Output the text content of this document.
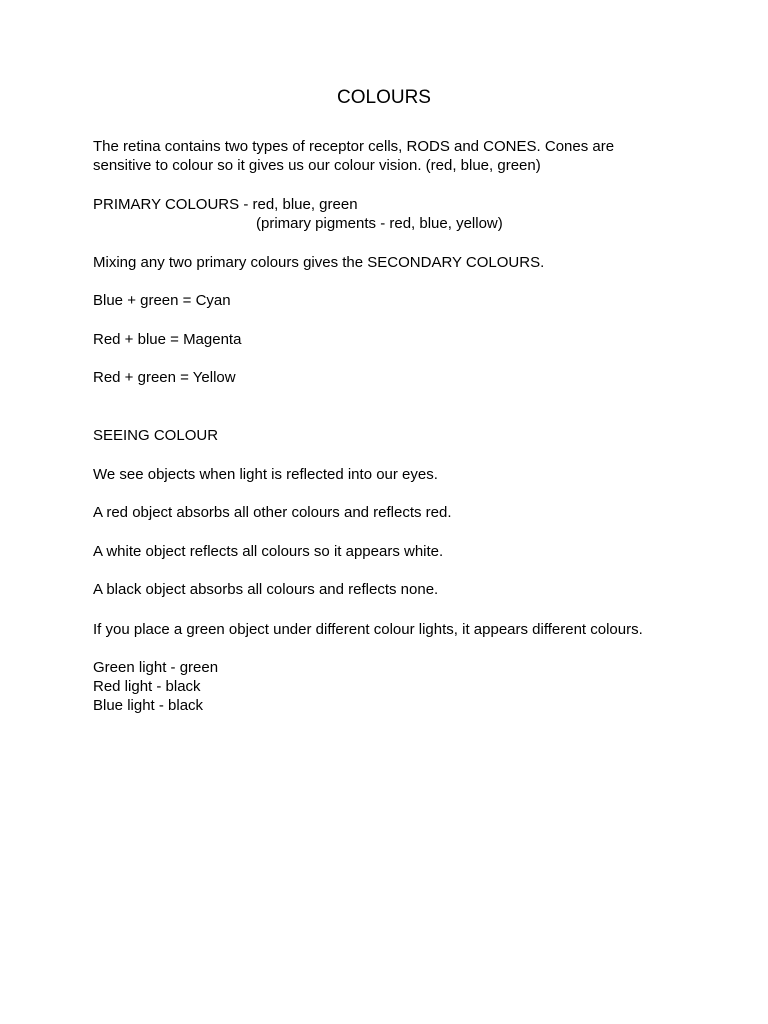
COLOURS
The retina contains two types of receptor cells, RODS and CONES. Cones are
sensitive to colour so it gives us our colour vision. (red, blue, green)
PRIMARY COLOURS - red, blue, green
(primary pigments - red, blue, yellow)
Mixing any two primary colours gives the SECONDARY COLOURS.
Blue + green = Cyan
Red + blue = Magenta
Red + green = Yellow
SEEING COLOUR
We see objects when light is reflected into our eyes.
A red object absorbs all other colours and reflects red.
A white object reflects all colours so it appears white.
A black object absorbs all colours and reflects none.
If you place a green object under different colour lights, it appears different colours.
Green light - green
Red light - black
Blue light - black
